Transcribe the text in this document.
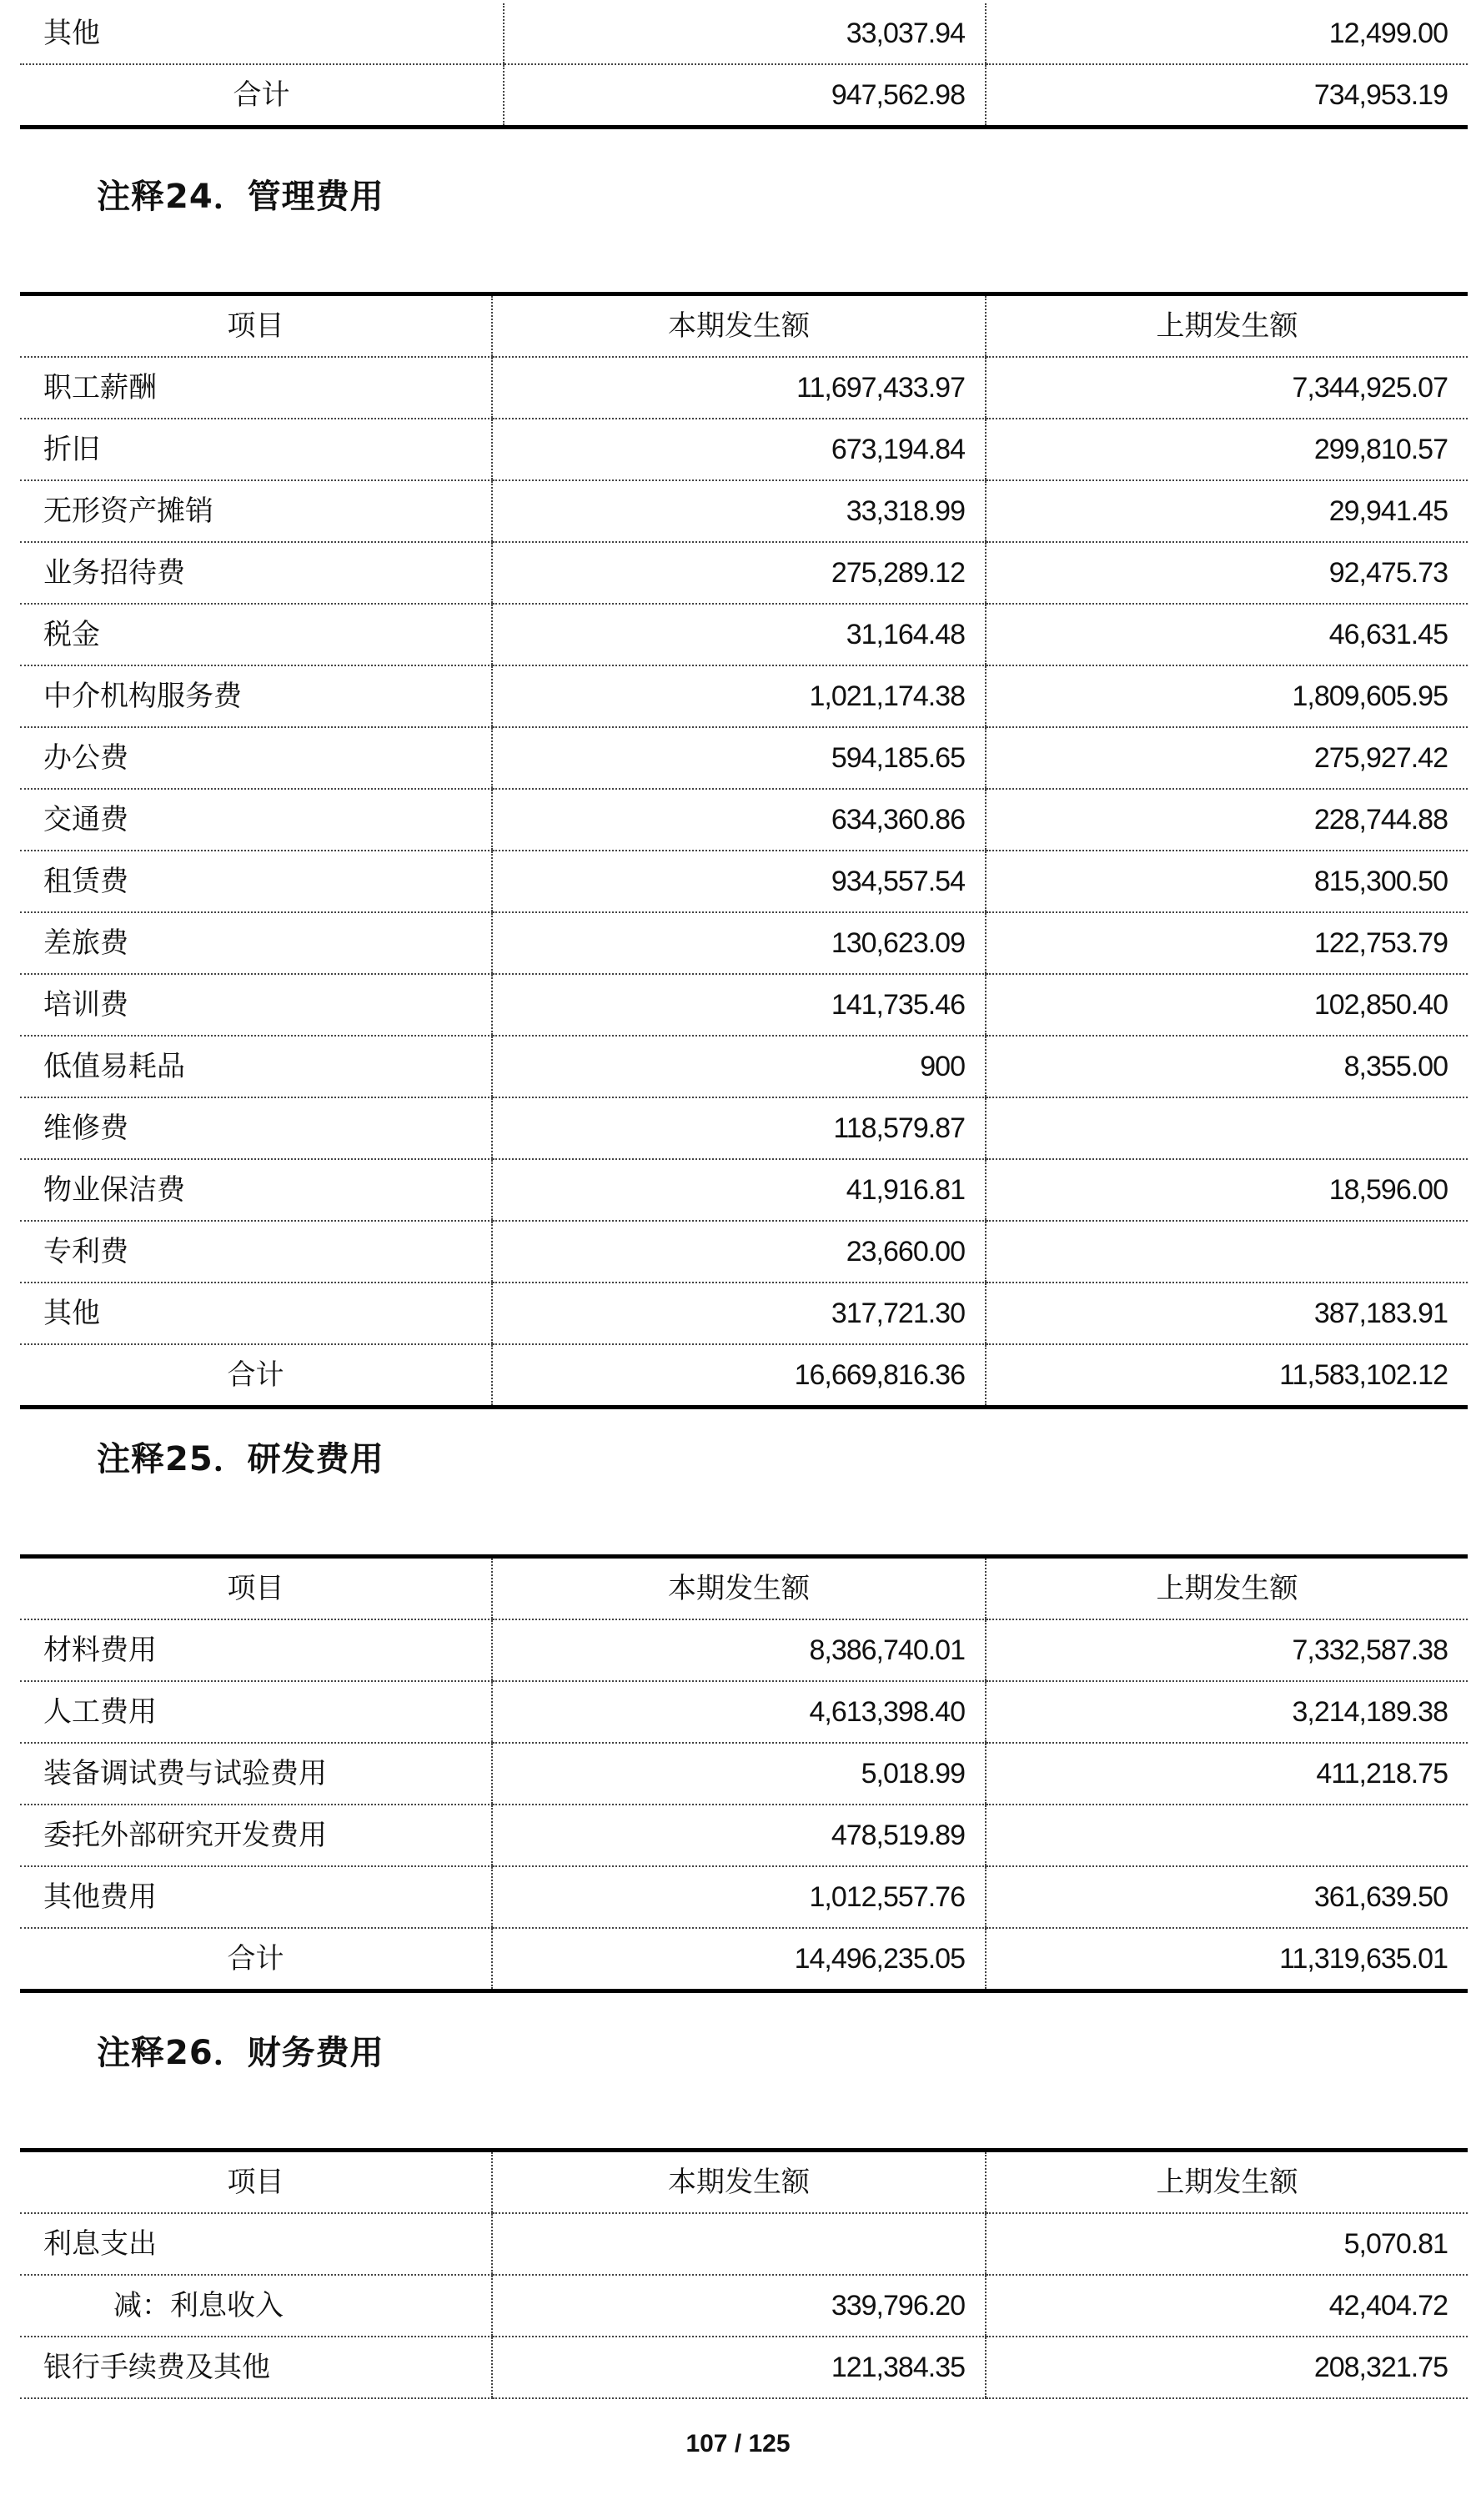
其他	33,037.94	12,499.00
合计	947,562.98	734,953.19
注释24．管理费用
项目	本期发生额	上期发生额
职工薪酬	11,697,433.97	7,344,925.07
折旧	673,194.84	299,810.57
无形资产摊销	33,318.99	29,941.45
业务招待费	275,289.12	92,475.73
税金	31,164.48	46,631.45
中介机构服务费	1,021,174.38	1,809,605.95
办公费	594,185.65	275,927.42
交通费	634,360.86	228,744.88
租赁费	934,557.54	815,300.50
差旅费	130,623.09	122,753.79
培训费	141,735.46	102,850.40
低值易耗品	900	8,355.00
维修费	118,579.87	
物业保洁费	41,916.81	18,596.00
专利费	23,660.00	
其他	317,721.30	387,183.91
合计	16,669,816.36	11,583,102.12
注释25．研发费用
项目	本期发生额	上期发生额
材料费用	8,386,740.01	7,332,587.38
人工费用	4,613,398.40	3,214,189.38
装备调试费与试验费用	5,018.99	411,218.75
委托外部研究开发费用	478,519.89	
其他费用	1,012,557.76	361,639.50
合计	14,496,235.05	11,319,635.01
注释26．财务费用
项目	本期发生额	上期发生额
利息支出		5,070.81
减：利息收入	339,796.20	42,404.72
银行手续费及其他	121,384.35	208,321.75
107 / 125
